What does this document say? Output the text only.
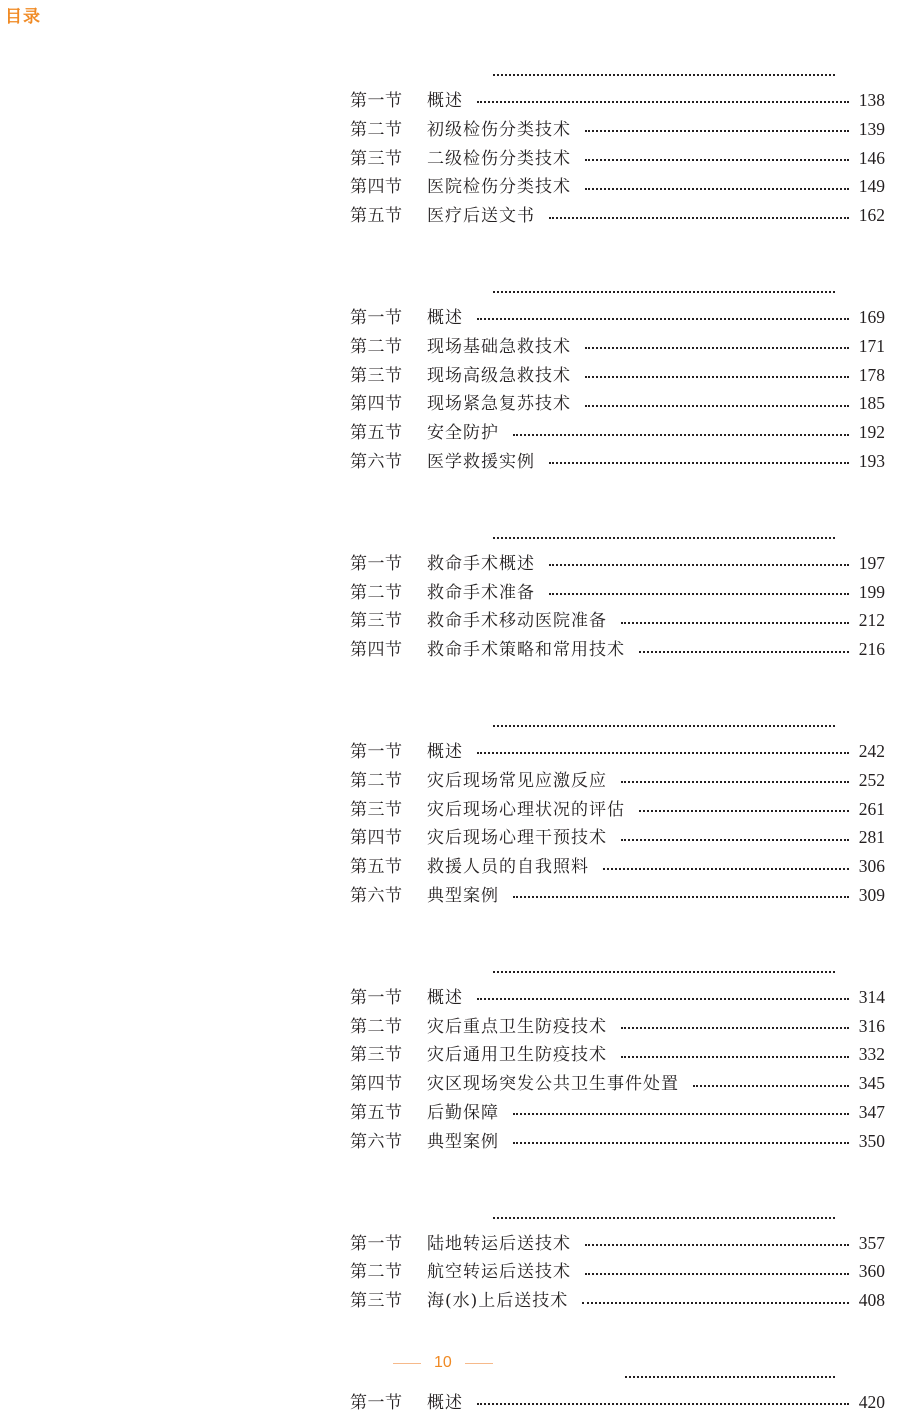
目录
第一节	概述	138
第二节	初级检伤分类技术	139
第三节	二级检伤分类技术	146
第四节	医院检伤分类技术	149
第五节	医疗后送文书	162
第一节	概述	169
第二节	现场基础急救技术	171
第三节	现场高级急救技术	178
第四节	现场紧急复苏技术	185
第五节	安全防护	192
第六节	医学救援实例	193
第一节	救命手术概述	197
第二节	救命手术准备	199
第三节	救命手术移动医院准备	212
第四节	救命手术策略和常用技术	216
第一节	概述	242
第二节	灾后现场常见应激反应	252
第三节	灾后现场心理状况的评估	261
第四节	灾后现场心理干预技术	281
第五节	救援人员的自我照料	306
第六节	典型案例	309
第一节	概述	314
第二节	灾后重点卫生防疫技术	316
第三节	灾后通用卫生防疫技术	332
第四节	灾区现场突发公共卫生事件处置	345
第五节	后勤保障	347
第六节	典型案例	350
第一节	陆地转运后送技术	357
第二节	航空转运后送技术	360
第三节	海(水)上后送技术	408
第一节	概述	420
10
